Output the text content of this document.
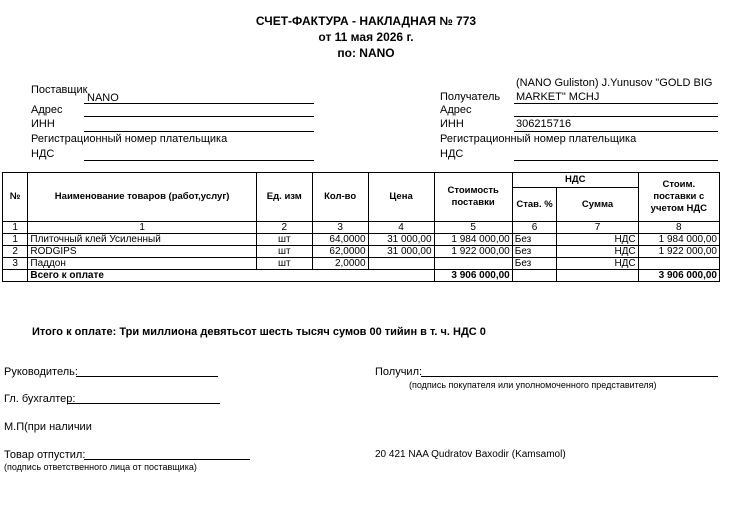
СЧЕТ-ФАКТУРА - НАКЛАДНАЯ № 773
от 11 мая 2026 г.
по: NANO
Поставщик
NANO
Адрес
ИНН
Регистрационный номер плательщика
НДС
(NANO Guliston) J.Yunusov "GOLD BIG
Получатель MARKET" MCHJ
Адрес
ИНН	306215716
Регистрационный номер плательщика
НДС
№	Наименование товаров (работ,услуг)	Ед. изм	Кол-во	Цена	Стоимость поставки	НДС		Стоим. поставки с учетом НДС
						Став. %	Сумма	
1	1	2	3	4	5	6	7	8
1	Плиточный клей Усиленный	шт	64,0000	31 000,00	1 984 000,00	Без	НДС	1 984 000,00
2	RODGIPS	шт	62,0000	31 000,00	1 922 000,00	Без	НДС	1 922 000,00
3	Паддон	шт	2,0000			Без	НДС	
	Всего к оплате				3 906 000,00			3 906 000,00
Итого к оплате: Три миллиона девятьсот шесть тысяч сумов 00 тийин в т. ч. НДС 0
Руководитель:	Получил:
(подпись покупателя или уполномоченного представителя)
Гл. бухгалтер:
М.П(при наличии
Товар отпустил:
(подпись ответственного лица от поставщика)
20 421 NAA Qudratov Baxodir (Kamsamol)
